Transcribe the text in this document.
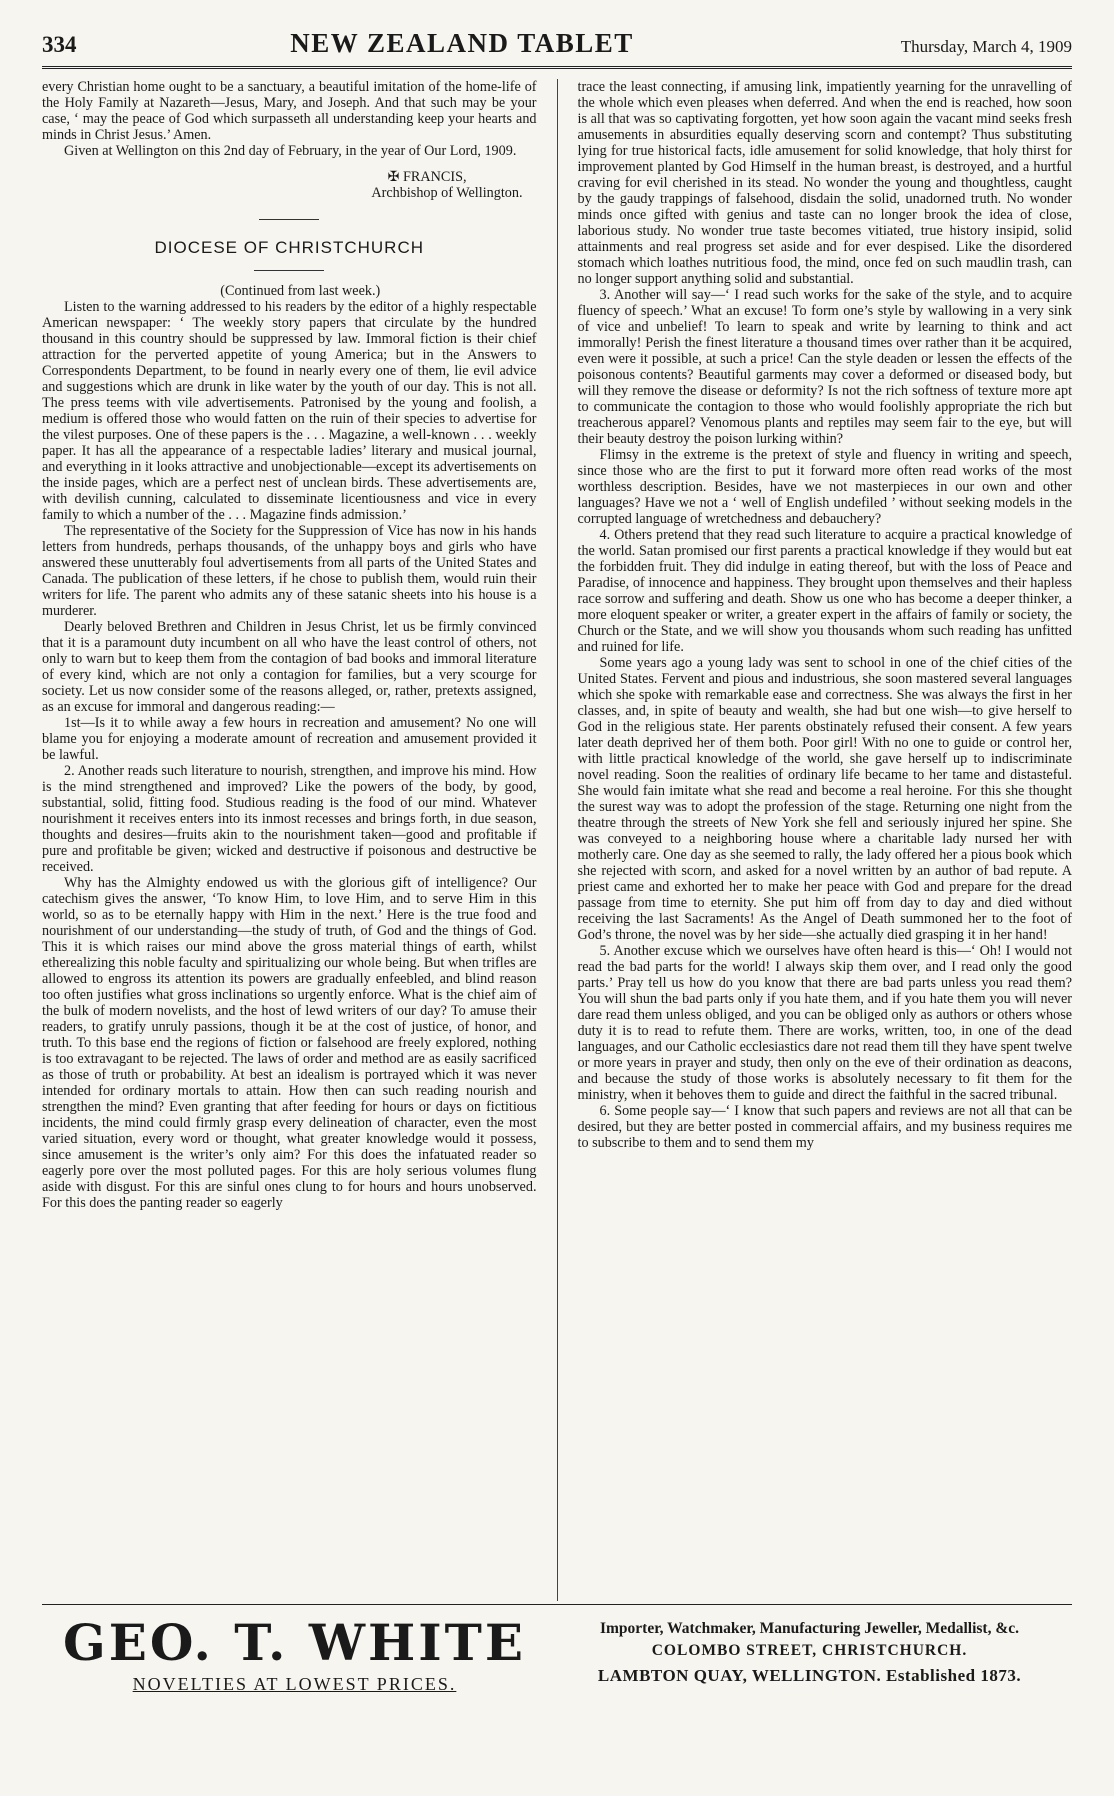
334	NEW ZEALAND TABLET	Thursday, March 4, 1909

every Christian home ought to be a sanctuary, a beautiful imitation of the home-life of the Holy Family at Nazareth—Jesus, Mary, and Joseph. And that such may be your case, ‘ may the peace of God which surpasseth all understanding keep your hearts and minds in Christ Jesus.’ Amen.

Given at Wellington on this 2nd day of February, in the year of Our Lord, 1909.

✠ FRANCIS,
Archbishop of Wellington.
DIOCESE OF CHRISTCHURCH

(Continued from last week.)

Listen to the warning addressed to his readers by the editor of a highly respectable American newspaper: ‘ The weekly story papers that circulate by the hundred thousand in this country should be suppressed by law. Immoral fiction is their chief attraction for the perverted appetite of young America; but in the Answers to Correspondents Department, to be found in nearly every one of them, lie evil advice and suggestions which are drunk in like water by the youth of our day. This is not all. The press teems with vile advertisements. Patronised by the young and foolish, a medium is offered those who would fatten on the ruin of their species to advertise for the vilest purposes. One of these papers is the . . . Magazine, a well-known . . . weekly paper. It has all the appearance of a respectable ladies’ literary and musical journal, and everything in it looks attractive and unobjectionable—except its advertisements on the inside pages, which are a perfect nest of unclean birds. These advertisements are, with devilish cunning, calculated to disseminate licentiousness and vice in every family to which a number of the . . . Magazine finds admission.’

The representative of the Society for the Suppression of Vice has now in his hands letters from hundreds, perhaps thousands, of the unhappy boys and girls who have answered these unutterably foul advertisements from all parts of the United States and Canada. The publication of these letters, if he chose to publish them, would ruin their writers for life. The parent who admits any of these satanic sheets into his house is a murderer.

Dearly beloved Brethren and Children in Jesus Christ, let us be firmly convinced that it is a paramount duty incumbent on all who have the least control of others, not only to warn but to keep them from the contagion of bad books and immoral literature of every kind, which are not only a contagion for families, but a very scourge for society. Let us now consider some of the reasons alleged, or, rather, pretexts assigned, as an excuse for immoral and dangerous reading:—

1st—Is it to while away a few hours in recreation and amusement? No one will blame you for enjoying a moderate amount of recreation and amusement provided it be lawful.

2. Another reads such literature to nourish, strengthen, and improve his mind. How is the mind strengthened and improved? Like the powers of the body, by good, substantial, solid, fitting food. Studious reading is the food of our mind. Whatever nourishment it receives enters into its inmost recesses and brings forth, in due season, thoughts and desires—fruits akin to the nourishment taken—good and profitable if pure and profitable be given; wicked and destructive if poisonous and destructive be received.

Why has the Almighty endowed us with the glorious gift of intelligence? Our catechism gives the answer, ‘To know Him, to love Him, and to serve Him in this world, so as to be eternally happy with Him in the next.’ Here is the true food and nourishment of our understanding—the study of truth, of God and the things of God. This it is which raises our mind above the gross material things of earth, whilst etherealizing this noble faculty and spiritualizing our whole being. But when trifles are allowed to engross its attention its powers are gradually enfeebled, and blind reason too often justifies what gross inclinations so urgently enforce. What is the chief aim of the bulk of modern novelists, and the host of lewd writers of our day? To amuse their readers, to gratify unruly passions, though it be at the cost of justice, of honor, and truth. To this base end the regions of fiction or falsehood are freely explored, nothing is too extravagant to be rejected. The laws of order and method are as easily sacrificed as those of truth or probability. At best an idealism is portrayed which it was never intended for ordinary mortals to attain. How then can such reading nourish and strengthen the mind? Even granting that after feeding for hours or days on fictitious incidents, the mind could firmly grasp every delineation of character, even the most varied situation, every word or thought, what greater knowledge would it possess, since amusement is the writer’s only aim? For this does the infatuated reader so eagerly pore over the most polluted pages. For this are holy serious volumes flung aside with disgust. For this are sinful ones clung to for hours and hours unobserved. For this does the panting reader so eagerly

trace the least connecting, if amusing link, impatiently yearning for the unravelling of the whole which even pleases when deferred. And when the end is reached, how soon is all that was so captivating forgotten, yet how soon again the vacant mind seeks fresh amusements in absurdities equally deserving scorn and contempt? Thus substituting lying for true historical facts, idle amusement for solid knowledge, that holy thirst for improvement planted by God Himself in the human breast, is destroyed, and a hurtful craving for evil cherished in its stead. No wonder the young and thoughtless, caught by the gaudy trappings of falsehood, disdain the solid, unadorned truth. No wonder minds once gifted with genius and taste can no longer brook the idea of close, laborious study. No wonder true taste becomes vitiated, true history insipid, solid attainments and real progress set aside and for ever despised. Like the disordered stomach which loathes nutritious food, the mind, once fed on such maudlin trash, can no longer support anything solid and substantial.

3. Another will say—‘ I read such works for the sake of the style, and to acquire fluency of speech.’ What an excuse! To form one’s style by wallowing in a very sink of vice and unbelief! To learn to speak and write by learning to think and act immorally! Perish the finest literature a thousand times over rather than it be acquired, even were it possible, at such a price! Can the style deaden or lessen the effects of the poisonous contents? Beautiful garments may cover a deformed or diseased body, but will they remove the disease or deformity? Is not the rich softness of texture more apt to communicate the contagion to those who would foolishly appropriate the rich but treacherous apparel? Venomous plants and reptiles may seem fair to the eye, but will their beauty destroy the poison lurking within?

Flimsy in the extreme is the pretext of style and fluency in writing and speech, since those who are the first to put it forward more often read works of the most worthless description. Besides, have we not masterpieces in our own and other languages? Have we not a ‘ well of English undefiled ’ without seeking models in the corrupted language of wretchedness and debauchery?

4. Others pretend that they read such literature to acquire a practical knowledge of the world. Satan promised our first parents a practical knowledge if they would but eat the forbidden fruit. They did indulge in eating thereof, but with the loss of Peace and Paradise, of innocence and happiness. They brought upon themselves and their hapless race sorrow and suffering and death. Show us one who has become a deeper thinker, a more eloquent speaker or writer, a greater expert in the affairs of family or society, the Church or the State, and we will show you thousands whom such reading has unfitted and ruined for life.

Some years ago a young lady was sent to school in one of the chief cities of the United States. Fervent and pious and industrious, she soon mastered several languages which she spoke with remarkable ease and correctness. She was always the first in her classes, and, in spite of beauty and wealth, she had but one wish—to give herself to God in the religious state. Her parents obstinately refused their consent. A few years later death deprived her of them both. Poor girl! With no one to guide or control her, with little practical knowledge of the world, she gave herself up to indiscriminate novel reading. Soon the realities of ordinary life became to her tame and distasteful. She would fain imitate what she read and become a real heroine. For this she thought the surest way was to adopt the profession of the stage. Returning one night from the theatre through the streets of New York she fell and seriously injured her spine. She was conveyed to a neighboring house where a charitable lady nursed her with motherly care. One day as she seemed to rally, the lady offered her a pious book which she rejected with scorn, and asked for a novel written by an author of bad repute. A priest came and exhorted her to make her peace with God and prepare for the dread passage from time to eternity. She put him off from day to day and died without receiving the last Sacraments! As the Angel of Death summoned her to the foot of God’s throne, the novel was by her side—she actually died grasping it in her hand!

5. Another excuse which we ourselves have often heard is this—‘ Oh! I would not read the bad parts for the world! I always skip them over, and I read only the good parts.’ Pray tell us how do you know that there are bad parts unless you read them? You will shun the bad parts only if you hate them, and if you hate them you will never dare read them unless obliged, and you can be obliged only as authors or others whose duty it is to read to refute them. There are works, written, too, in one of the dead languages, and our Catholic ecclesiastics dare not read them till they have spent twelve or more years in prayer and study, then only on the eve of their ordination as deacons, and because the study of those works is absolutely necessary to fit them for the ministry, when it behoves them to guide and direct the faithful in the sacred tribunal.

6. Some people say—‘ I know that such papers and reviews are not all that can be desired, but they are better posted in commercial affairs, and my business requires me to subscribe to them and to send them my

GEO. T. WHITE
NOVELTIES AT LOWEST PRICES.
Importer, Watchmaker, Manufacturing Jeweller, Medallist, &c.
COLOMBO STREET, CHRISTCHURCH.
LAMBTON QUAY, WELLINGTON. Established 1873.
